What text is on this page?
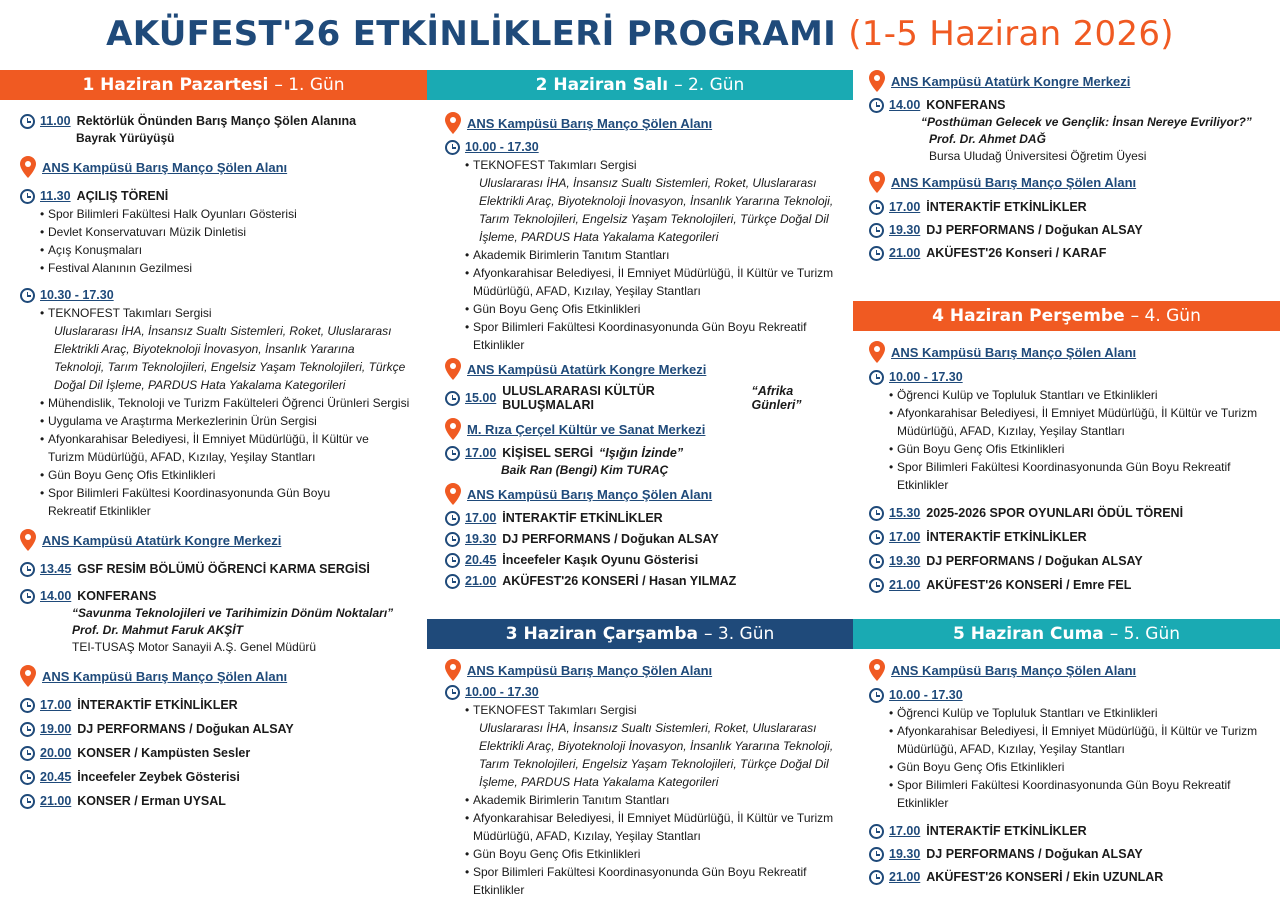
AKÜFEST'26 ETKİNLİKLERİ PROGRAMI (1-5 Haziran 2026)
1 Haziran Pazartesi – 1. Gün	2 Haziran Salı – 2. Gün
3 Haziran Çarşamba – 3. Gün
4 Haziran Perşembe – 4. Gün
5 Haziran Cuma – 5. Gün
11.00 Rektörlük Önünden Barış Manço Şölen Alanına
Bayrak Yürüyüşü
ANS Kampüsü Barış Manço Şölen Alanı
11.30 AÇILIŞ TÖRENİ
• Spor Bilimleri Fakültesi Halk Oyunları Gösterisi
• Devlet Konservatuvarı Müzik Dinletisi
• Açış Konuşmaları
• Festival Alanının Gezilmesi
10.30 - 17.30
• TEKNOFEST Takımları Sergisi
Uluslararası İHA, İnsansız Sualtı Sistemleri, Roket, Uluslararası
Elektrikli Araç, Biyoteknoloji İnovasyon, İnsanlık Yararına
Teknoloji, Tarım Teknolojileri, Engelsiz Yaşam Teknolojileri, Türkçe
Doğal Dil İşleme, PARDUS Hata Yakalama Kategorileri
• Mühendislik, Teknoloji ve Turizm Fakülteleri Öğrenci Ürünleri Sergisi
• Uygulama ve Araştırma Merkezlerinin Ürün Sergisi
• Afyonkarahisar Belediyesi, İl Emniyet Müdürlüğü, İl Kültür ve
Turizm Müdürlüğü, AFAD, Kızılay, Yeşilay Stantları
• Gün Boyu Genç Ofis Etkinlikleri
• Spor Bilimleri Fakültesi Koordinasyonunda Gün Boyu
Rekreatif Etkinlikler
ANS Kampüsü Atatürk Kongre Merkezi
13.45 GSF RESİM BÖLÜMÜ ÖĞRENCİ KARMA SERGİSİ
14.00 KONFERANS
“Savunma Teknolojileri ve Tarihimizin Dönüm Noktaları”
Prof. Dr. Mahmut Faruk AKŞİT
TEI-TUSAŞ Motor Sanayii A.Ş. Genel Müdürü
ANS Kampüsü Barış Manço Şölen Alanı
17.00 İNTERAKTİF ETKİNLİKLER
19.00 DJ PERFORMANS / Doğukan ALSAY
20.00 KONSER / Kampüsten Sesler
20.45 İnceefeler Zeybek Gösterisi
21.00 KONSER / Erman UYSAL
ANS Kampüsü Barış Manço Şölen Alanı
10.00 - 17.30
• TEKNOFEST Takımları Sergisi
Uluslararası İHA, İnsansız Sualtı Sistemleri, Roket, Uluslararası
Elektrikli Araç, Biyoteknoloji İnovasyon, İnsanlık Yararına Teknoloji,
Tarım Teknolojileri, Engelsiz Yaşam Teknolojileri, Türkçe Doğal Dil
İşleme, PARDUS Hata Yakalama Kategorileri
• Akademik Birimlerin Tanıtım Stantları
• Afyonkarahisar Belediyesi, İl Emniyet Müdürlüğü, İl Kültür ve Turizm
Müdürlüğü, AFAD, Kızılay, Yeşilay Stantları
• Gün Boyu Genç Ofis Etkinlikleri
• Spor Bilimleri Fakültesi Koordinasyonunda Gün Boyu Rekreatif Etkinlikler
ANS Kampüsü Atatürk Kongre Merkezi
15.00 ULUSLARARASI KÜLTÜR BULUŞMALARI
“Afrika Günleri”
M. Rıza Çerçel Kültür ve Sanat Merkezi
17.00 KİŞİSEL SERGİ “Işığın İzinde”
Baik Ran (Bengi) Kim TURAÇ
ANS Kampüsü Barış Manço Şölen Alanı
17.00 İNTERAKTİF ETKİNLİKLER
19.30 DJ PERFORMANS / Doğukan ALSAY
20.45 İnceefeler Kaşık Oyunu Gösterisi
21.00 AKÜFEST'26 KONSERİ / Hasan YILMAZ
ANS Kampüsü Barış Manço Şölen Alanı
10.00 - 17.30
• TEKNOFEST Takımları Sergisi
Uluslararası İHA, İnsansız Sualtı Sistemleri, Roket, Uluslararası
Elektrikli Araç, Biyoteknoloji İnovasyon, İnsanlık Yararına Teknoloji,
Tarım Teknolojileri, Engelsiz Yaşam Teknolojileri, Türkçe Doğal Dil
İşleme, PARDUS Hata Yakalama Kategorileri
• Akademik Birimlerin Tanıtım Stantları
• Afyonkarahisar Belediyesi, İl Emniyet Müdürlüğü, İl Kültür ve Turizm
Müdürlüğü, AFAD, Kızılay, Yeşilay Stantları
• Gün Boyu Genç Ofis Etkinlikleri
• Spor Bilimleri Fakültesi Koordinasyonunda Gün Boyu Rekreatif Etkinlikler
ANS Kampüsü Atatürk Kongre Merkezi
14.00 KONFERANS
“Posthüman Gelecek ve Gençlik: İnsan Nereye Evriliyor?”
Prof. Dr. Ahmet DAĞ
Bursa Uludağ Üniversitesi Öğretim Üyesi
ANS Kampüsü Barış Manço Şölen Alanı
17.00 İNTERAKTİF ETKİNLİKLER
19.30 DJ PERFORMANS / Doğukan ALSAY
21.00 AKÜFEST'26 Konseri / KARAF
ANS Kampüsü Barış Manço Şölen Alanı
10.00 - 17.30
• Öğrenci Kulüp ve Topluluk Stantları ve Etkinlikleri
• Afyonkarahisar Belediyesi, İl Emniyet Müdürlüğü, İl Kültür ve Turizm
Müdürlüğü, AFAD, Kızılay, Yeşilay Stantları
• Gün Boyu Genç Ofis Etkinlikleri
• Spor Bilimleri Fakültesi Koordinasyonunda Gün Boyu Rekreatif Etkinlikler
15.30 2025-2026 SPOR OYUNLARI ÖDÜL TÖRENİ
17.00 İNTERAKTİF ETKİNLİKLER
19.30 DJ PERFORMANS / Doğukan ALSAY
21.00 AKÜFEST'26 KONSERİ / Emre FEL
ANS Kampüsü Barış Manço Şölen Alanı
10.00 - 17.30
• Öğrenci Kulüp ve Topluluk Stantları ve Etkinlikleri
• Afyonkarahisar Belediyesi, İl Emniyet Müdürlüğü, İl Kültür ve Turizm
Müdürlüğü, AFAD, Kızılay, Yeşilay Stantları
• Gün Boyu Genç Ofis Etkinlikleri
• Spor Bilimleri Fakültesi Koordinasyonunda Gün Boyu Rekreatif Etkinlikler
17.00 İNTERAKTİF ETKİNLİKLER
19.30 DJ PERFORMANS / Doğukan ALSAY
21.00 AKÜFEST'26 KONSERİ / Ekin UZUNLAR
